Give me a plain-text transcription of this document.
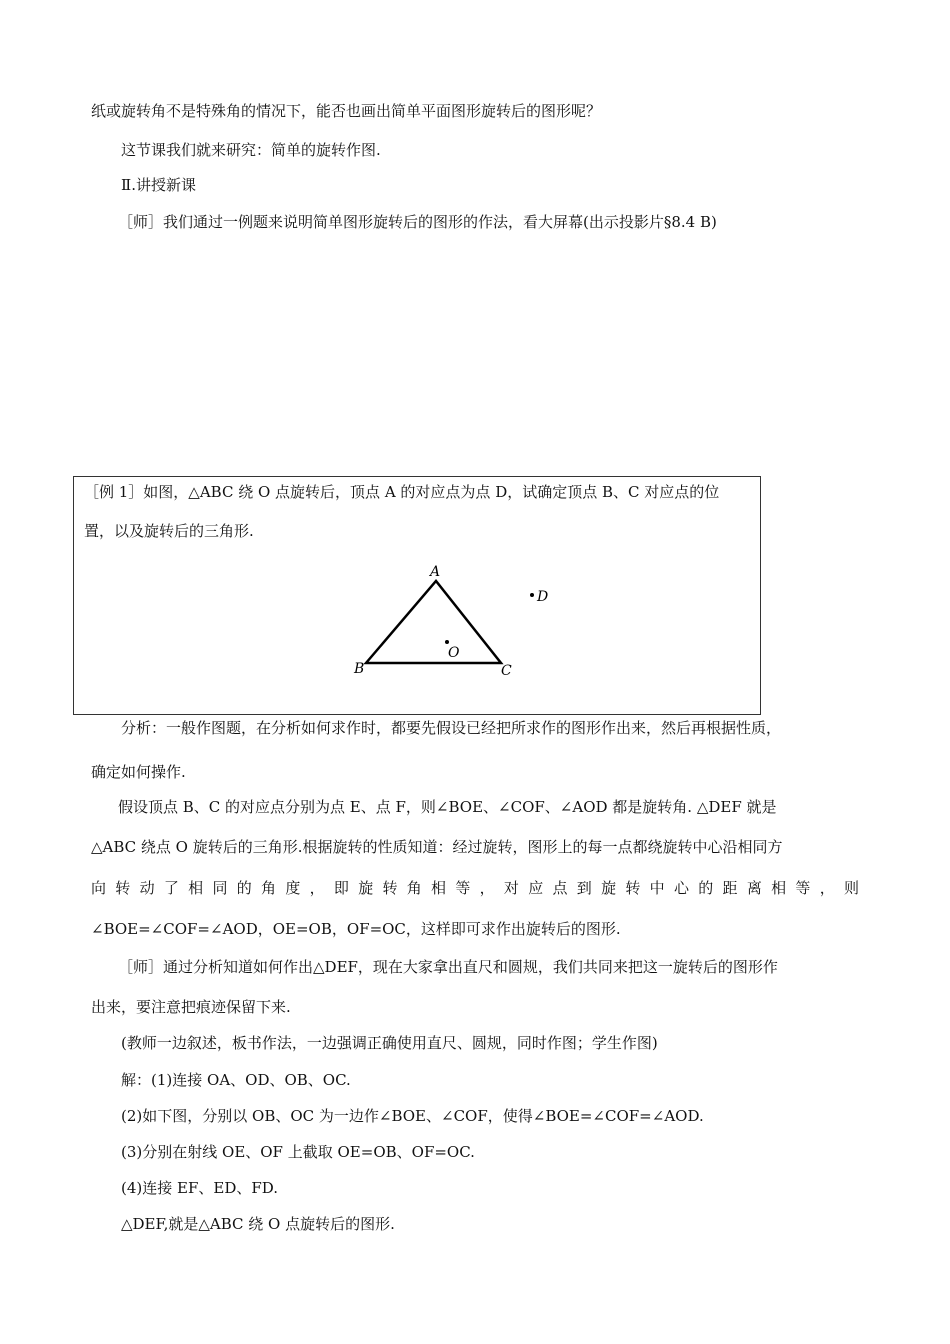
纸或旋转角不是特殊角的情况下，能否也画出简单平面图形旋转后的图形呢？
这节课我们就来研究：简单的旋转作图.
Ⅱ.讲授新课
［师］我们通过一例题来说明简单图形旋转后的图形的作法，看大屏幕(出示投影片§8.4 B)
［例 1］如图，△ABC 绕 O 点旋转后，顶点 A 的对应点为点 D，试确定顶点 B、C 对应点的位
置，以及旋转后的三角形.
A
B	C
O
D
分析：一般作图题，在分析如何求作时，都要先假设已经把所求作的图形作出来，然后再根据性质，
确定如何操作.
假设顶点 B、C 的对应点分别为点 E、点 F，则∠BOE、∠COF、∠AOD 都是旋转角. △DEF 就是
△ABC 绕点 O 旋转后的三角形.根据旋转的性质知道：经过旋转，图形上的每一点都绕旋转中心沿相同方
向 转 动 了 相 同 的 角 度 ， 即 旋 转 角 相 等 ， 对 应 点 到 旋 转 中 心 的 距 离 相 等 ， 则
∠BOE=∠COF=∠AOD，OE=OB，OF=OC，这样即可求作出旋转后的图形.
［师］通过分析知道如何作出△DEF，现在大家拿出直尺和圆规，我们共同来把这一旋转后的图形作
出来，要注意把痕迹保留下来.
(教师一边叙述，板书作法，一边强调正确使用直尺、圆规，同时作图；学生作图)
解：(1)连接 OA、OD、OB、OC.
(2)如下图，分别以 OB、OC 为一边作∠BOE、∠COF，使得∠BOE=∠COF=∠AOD.
(3)分别在射线 OE、OF 上截取 OE=OB、OF=OC.
(4)连接 EF、ED、FD.
△DEF,就是△ABC 绕 O 点旋转后的图形.
